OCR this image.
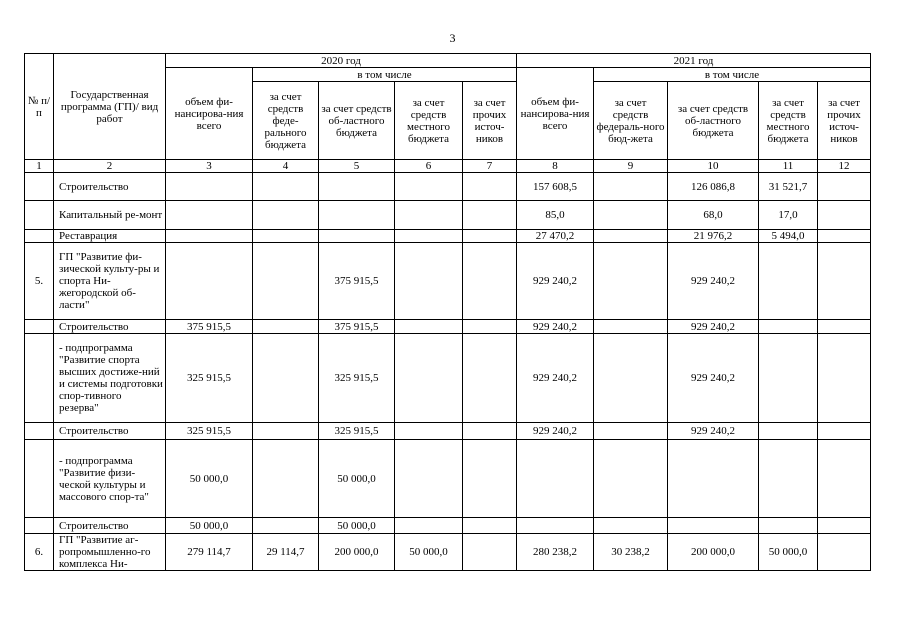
3
№ п/п	Государственная программа (ГП)/ вид работ	2020 год					2021 год				
		объем фи-нансирова-ния всего	в том числе				объем фи-нансирова-ния всего	в том числе			
			за счет средств феде-рального бюджета	за счет средств об-ластного бюджета	за счет средств местного бюджета	за счет прочих источ-ников		за счет средств федераль-ного бюд-жета	за счет средств об-ластного бюджета	за счет средств местного бюджета	за счет прочих источ-ников
1	2	3	4	5	6	7	8	9	10	11	12
	Строительство						157 608,5		126 086,8	31 521,7	
	Капитальный ре-монт						85,0		68,0	17,0	
	Реставрация						27 470,2		21 976,2	5 494,0	
5.	ГП "Развитие фи-зической культу-ры и спорта Ни-жегородской об-ласти"			375 915,5			929 240,2		929 240,2		
	Строительство	375 915,5		375 915,5			929 240,2		929 240,2		
	- подпрограмма "Развитие спорта высших достиже-ний и системы подготовки спор-тивного резерва"	325 915,5		325 915,5			929 240,2		929 240,2		
	Строительство	325 915,5		325 915,5			929 240,2		929 240,2		
	- подпрограмма "Развитие физи-ческой культуры и массового спор-та"	50 000,0		50 000,0							
	Строительство	50 000,0		50 000,0							
6.	ГП "Развитие аг-ропромышленно-го комплекса Ни-	279 114,7	29 114,7	200 000,0	50 000,0		280 238,2	30 238,2	200 000,0	50 000,0	
